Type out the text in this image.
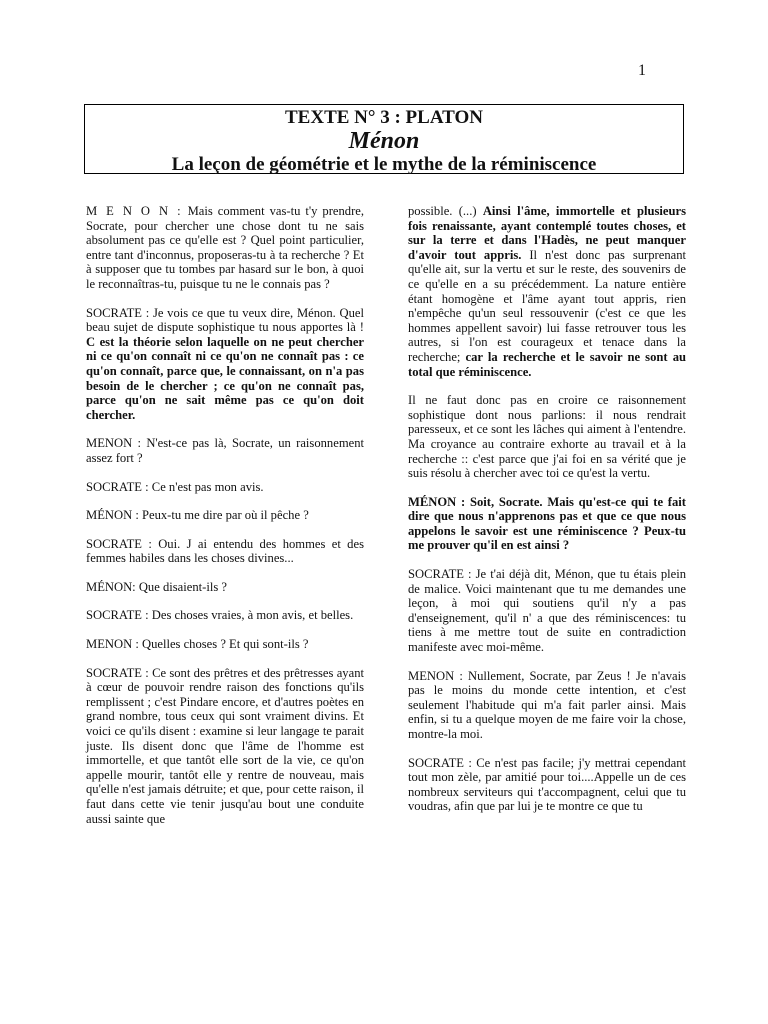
1
TEXTE N° 3 : PLATON
Ménon
La leçon de géométrie et le mythe de la réminiscence

M E N O N : Mais comment vas-tu t'y prendre, Socrate, pour chercher une chose dont tu ne sais absolument pas ce qu'elle est ? Quel point particulier, entre tant d'inconnus, proposeras-tu à ta recherche ? Et à supposer que tu tombes par hasard sur le bon, à quoi le reconnaîtras-tu, puisque tu ne le connais pas ?

SOCRATE : Je vois ce que tu veux dire, Ménon. Quel beau sujet de dispute sophistique tu nous apportes là ! C est la théorie selon laquelle on ne peut chercher ni ce qu'on connaît ni ce qu'on ne connaît pas : ce qu'on connaît, parce que, le connaissant, on n'a pas besoin de le chercher ; ce qu'on ne connaît pas, parce qu'on ne sait même pas ce qu'on doit chercher.

MENON : N'est-ce pas là, Socrate, un raisonnement assez fort ?

SOCRATE : Ce n'est pas mon avis.

MÉNON : Peux-tu me dire par où il pêche ?

SOCRATE : Oui. J ai entendu des hommes et des femmes habiles dans les choses divines...

MÉNON: Que disaient-ils ?

SOCRATE : Des choses vraies, à mon avis, et belles.

MENON : Quelles choses ? Et qui sont-ils ?

SOCRATE : Ce sont des prêtres et des prêtresses ayant à cœur de pouvoir rendre raison des fonctions qu'ils remplissent ; c'est Pindare encore, et d'autres poètes en grand nombre, tous ceux qui sont vraiment divins. Et voici ce qu'ils disent : examine si leur langage te parait juste. Ils disent donc que l'âme de l'homme est immortelle, et que tantôt elle sort de la vie, ce qu'on appelle mourir, tantôt elle y rentre de nouveau, mais qu'elle n'est jamais détruite; et que, pour cette raison, il faut dans cette vie tenir jusqu'au bout une conduite aussi sainte que

possible. (...) Ainsi l'âme, immortelle et plusieurs fois renaissante, ayant contemplé toutes choses, et sur la terre et dans l'Hadès, ne peut manquer d'avoir tout appris. Il n'est donc pas surprenant qu'elle ait, sur la vertu et sur le reste, des souvenirs de ce qu'elle en a su précédemment. La nature entière étant homogène et l'âme ayant tout appris, rien n'empêche qu'un seul ressouvenir (c'est ce que les hommes appellent savoir) lui fasse retrouver tous les autres, si l'on est courageux et tenace dans la recherche; car la recherche et le savoir ne sont au total que réminiscence.

Il ne faut donc pas en croire ce raisonnement sophistique dont nous parlions: il nous rendrait paresseux, et ce sont les lâches qui aiment à l'entendre. Ma croyance au contraire exhorte au travail et à la recherche :: c'est parce que j'ai foi en sa vérité que je suis résolu à chercher avec toi ce qu'est la vertu.

MÉNON : Soit, Socrate. Mais qu'est-ce qui te fait dire que nous n'apprenons pas et que ce que nous appelons le savoir est une réminiscence ? Peux-tu me prouver qu'il en est ainsi ?

SOCRATE : Je t'ai déjà dit, Ménon, que tu étais plein de malice. Voici maintenant que tu me demandes une leçon, à moi qui soutiens qu'il n'y a pas d'enseignement, qu'il n' a que des réminiscences: tu tiens à me mettre tout de suite en contradiction manifeste avec moi-même.

MENON : Nullement, Socrate, par Zeus ! Je n'avais pas le moins du monde cette intention, et c'est seulement l'habitude qui m'a fait parler ainsi. Mais enfin, si tu a quelque moyen de me faire voir la chose, montre-la moi.

SOCRATE : Ce n'est pas facile; j'y mettrai cependant tout mon zèle, par amitié pour toi....Appelle un de ces nombreux serviteurs qui t'accompagnent, celui que tu voudras, afin que par lui je te montre ce que tu
